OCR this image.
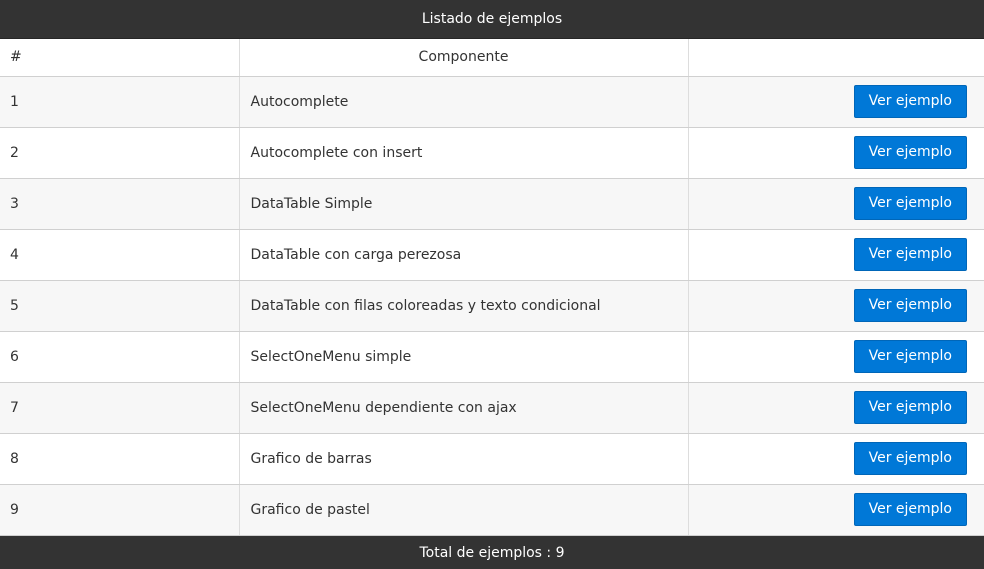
Listado de ejemplos
#	Componente	
1	Autocomplete	Ver ejemplo
2	Autocomplete con insert	Ver ejemplo
3	DataTable Simple	Ver ejemplo
4	DataTable con carga perezosa	Ver ejemplo
5	DataTable con filas coloreadas y texto condicional	Ver ejemplo
6	SelectOneMenu simple	Ver ejemplo
7	SelectOneMenu dependiente con ajax	Ver ejemplo
8	Grafico de barras	Ver ejemplo
9	Grafico de pastel	Ver ejemplo
Total de ejemplos : 9
